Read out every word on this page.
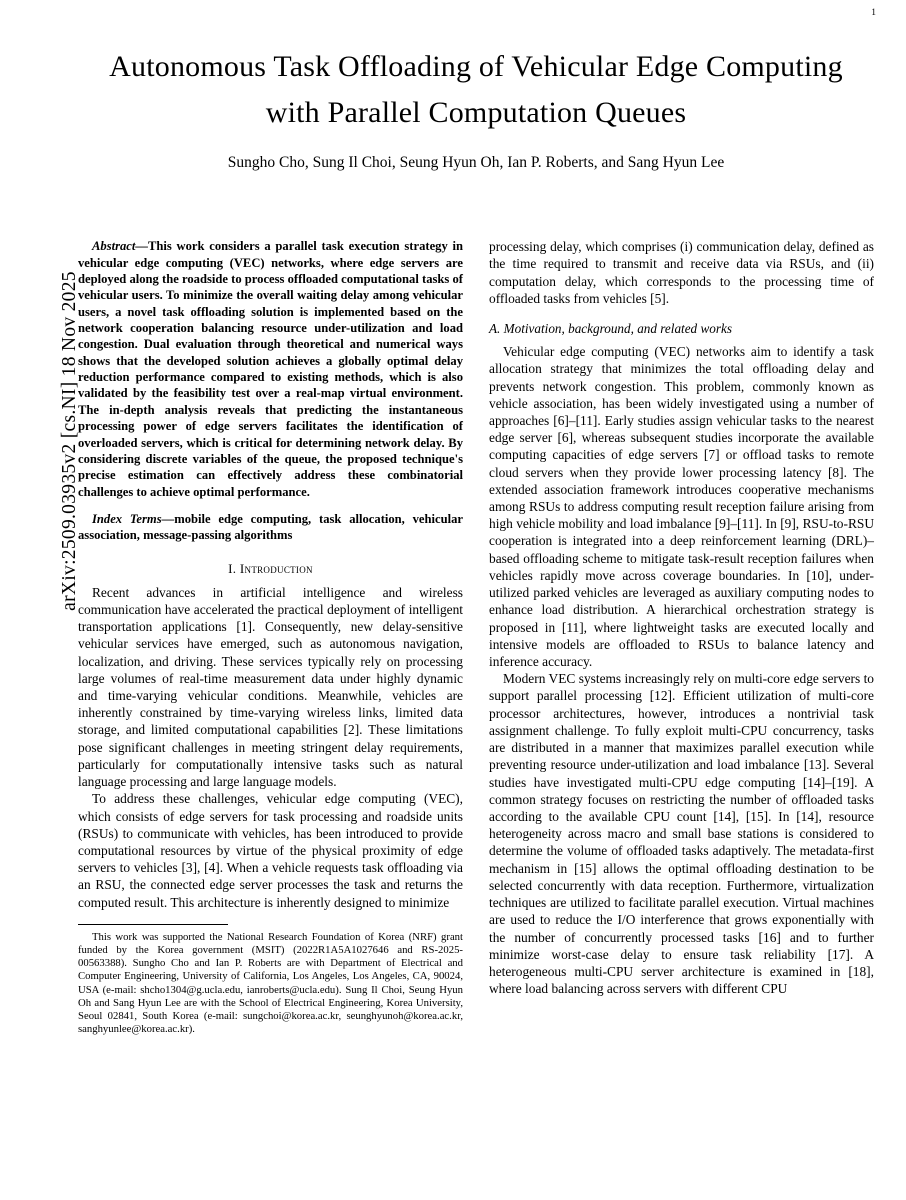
1
arXiv:2509.03935v2 [cs.NI] 18 Nov 2025
Autonomous Task Offloading of Vehicular Edge Computing with Parallel Computation Queues
Sungho Cho, Sung Il Choi, Seung Hyun Oh, Ian P. Roberts, and Sang Hyun Lee
Abstract—This work considers a parallel task execution strategy in vehicular edge computing (VEC) networks, where edge servers are deployed along the roadside to process offloaded computational tasks of vehicular users. To minimize the overall waiting delay among vehicular users, a novel task offloading solution is implemented based on the network cooperation balancing resource under-utilization and load congestion. Dual evaluation through theoretical and numerical ways shows that the developed solution achieves a globally optimal delay reduction performance compared to existing methods, which is also validated by the feasibility test over a real-map virtual environment. The in-depth analysis reveals that predicting the instantaneous processing power of edge servers facilitates the identification of overloaded servers, which is critical for determining network delay. By considering discrete variables of the queue, the proposed technique's precise estimation can effectively address these combinatorial challenges to achieve optimal performance.
Index Terms—mobile edge computing, task allocation, vehicular association, message-passing algorithms
I. Introduction

Recent advances in artificial intelligence and wireless communication have accelerated the practical deployment of intelligent transportation applications [1]. Consequently, new delay-sensitive vehicular services have emerged, such as autonomous navigation, localization, and driving. These services typically rely on processing large volumes of real-time measurement data under highly dynamic and time-varying vehicular conditions. Meanwhile, vehicles are inherently constrained by time-varying wireless links, limited data storage, and limited computational capabilities [2]. These limitations pose significant challenges in meeting stringent delay requirements, particularly for computationally intensive tasks such as natural language processing and large language models.

To address these challenges, vehicular edge computing (VEC), which consists of edge servers for task processing and roadside units (RSUs) to communicate with vehicles, has been introduced to provide computational resources by virtue of the physical proximity of edge servers to vehicles [3], [4]. When a vehicle requests task offloading via an RSU, the connected edge server processes the task and returns the computed result. This architecture is inherently designed to minimize

This work was supported the National Research Foundation of Korea (NRF) grant funded by the Korea government (MSIT) (2022R1A5A1027646 and RS-2025-00563388). Sungho Cho and Ian P. Roberts are with Department of Electrical and Computer Engineering, University of California, Los Angeles, Los Angeles, CA, 90024, USA (e-mail: shcho1304@g.ucla.edu, ianroberts@ucla.edu). Sung Il Choi, Seung Hyun Oh and Sang Hyun Lee are with the School of Electrical Engineering, Korea University, Seoul 02841, South Korea (e-mail: sungchoi@korea.ac.kr, seunghyunoh@korea.ac.kr, sanghyunlee@korea.ac.kr).

processing delay, which comprises (i) communication delay, defined as the time required to transmit and receive data via RSUs, and (ii) computation delay, which corresponds to the processing time of offloaded tasks from vehicles [5].

A. Motivation, background, and related works

Vehicular edge computing (VEC) networks aim to identify a task allocation strategy that minimizes the total offloading delay and prevents network congestion. This problem, commonly known as vehicle association, has been widely investigated using a number of approaches [6]–[11]. Early studies assign vehicular tasks to the nearest edge server [6], whereas subsequent studies incorporate the available computing capacities of edge servers [7] or offload tasks to remote cloud servers when they provide lower processing latency [8]. The extended association framework introduces cooperative mechanisms among RSUs to address computing result reception failure arising from high vehicle mobility and load imbalance [9]–[11]. In [9], RSU-to-RSU cooperation is integrated into a deep reinforcement learning (DRL)–based offloading scheme to mitigate task-result reception failures when vehicles rapidly move across coverage boundaries. In [10], under-utilized parked vehicles are leveraged as auxiliary computing nodes to enhance load distribution. A hierarchical orchestration strategy is proposed in [11], where lightweight tasks are executed locally and intensive models are offloaded to RSUs to balance latency and inference accuracy.

Modern VEC systems increasingly rely on multi-core edge servers to support parallel processing [12]. Efficient utilization of multi-core processor architectures, however, introduces a nontrivial task assignment challenge. To fully exploit multi-CPU concurrency, tasks are distributed in a manner that maximizes parallel execution while preventing resource under-utilization and load imbalance [13]. Several studies have investigated multi-CPU edge computing [14]–[19]. A common strategy focuses on restricting the number of offloaded tasks according to the available CPU count [14], [15]. In [14], resource heterogeneity across macro and small base stations is considered to determine the volume of offloaded tasks adaptively. The metadata-first mechanism in [15] allows the optimal offloading destination to be selected concurrently with data reception. Furthermore, virtualization techniques are utilized to facilitate parallel execution. Virtual machines are used to reduce the I/O interference that grows exponentially with the number of concurrently processed tasks [16] and to further minimize worst-case delay to ensure task reliability [17]. A heterogeneous multi-CPU server architecture is examined in [18], where load balancing across servers with different CPU
